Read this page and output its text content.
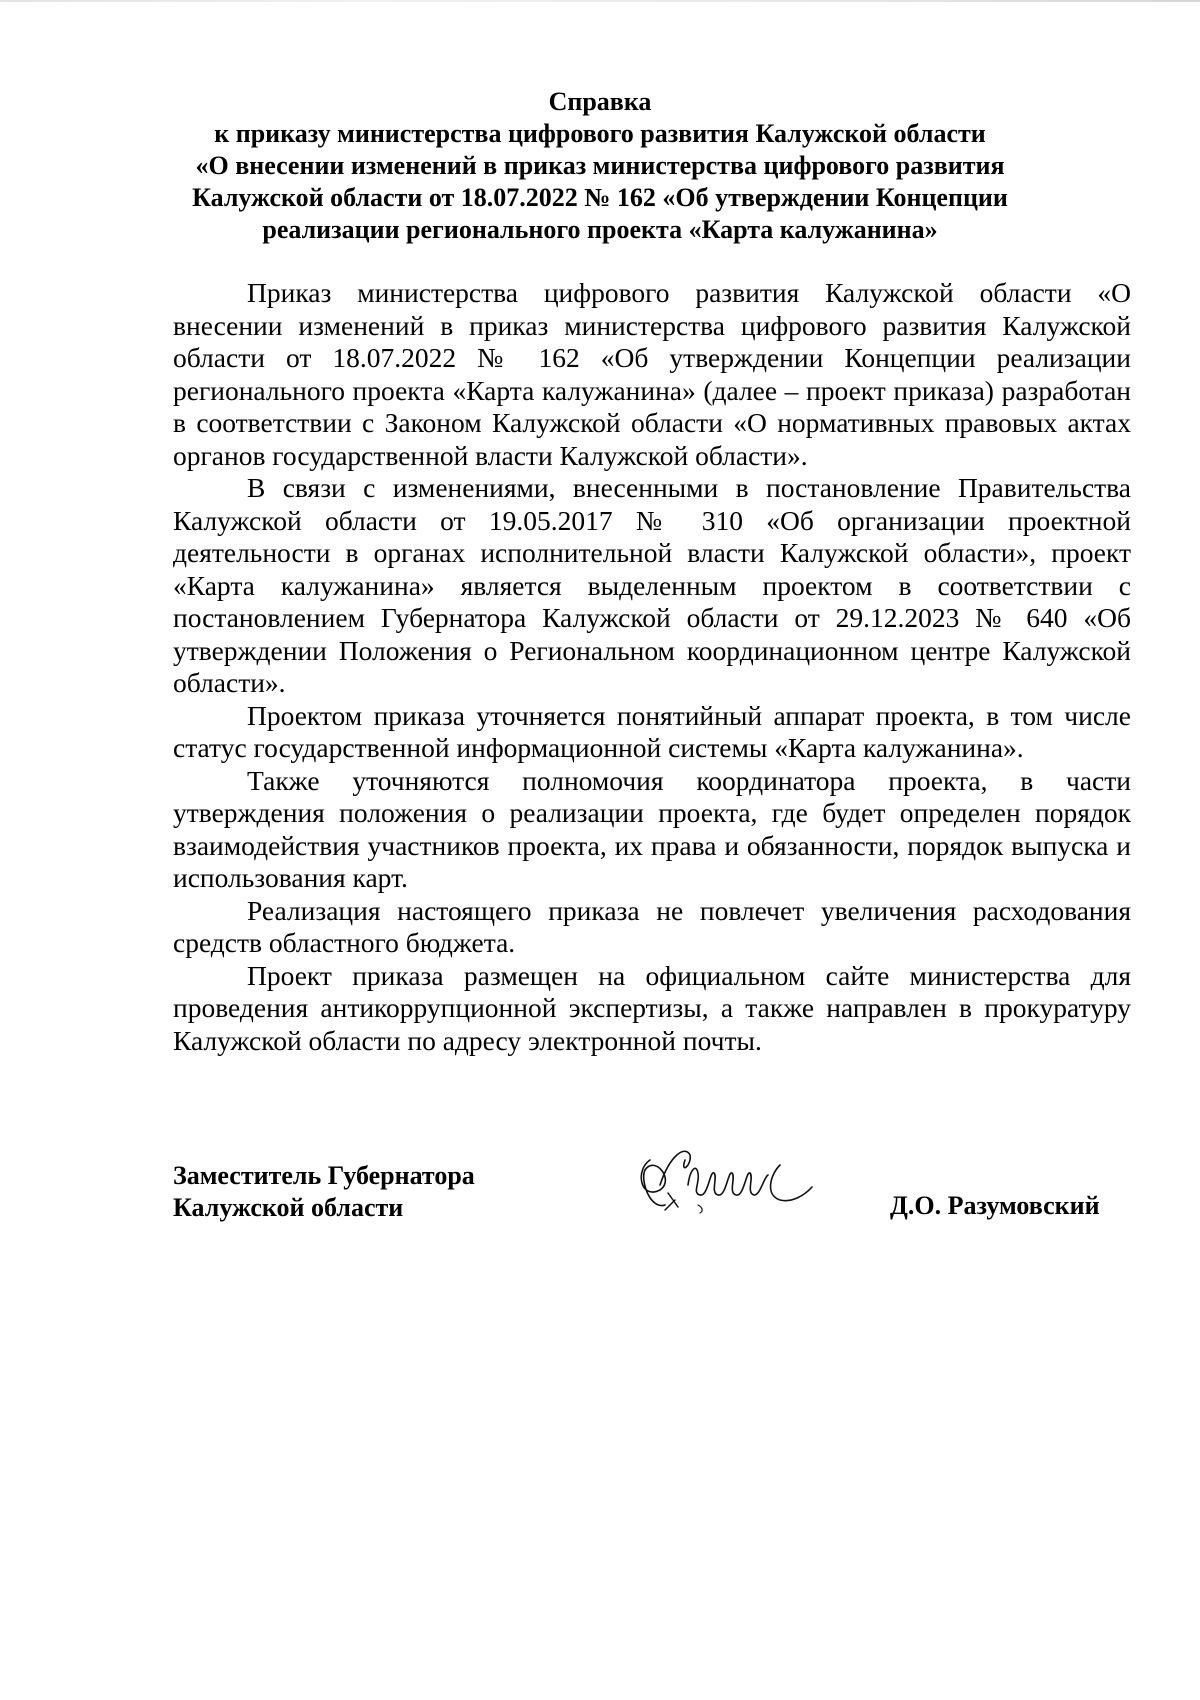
Справка
к приказу министерства цифрового развития Калужской области
«О внесении изменений в приказ министерства цифрового развития
Калужской области от 18.07.2022 № 162 «Об утверждении Концепции
реализации регионального проекта «Карта калужанина»

Приказ министерства цифрового развития Калужской области «О внесении изменений в приказ министерства цифрового развития Калужской области от 18.07.2022 № 162 «Об утверждении Концепции реализации регионального проекта «Карта калужанина» (далее – проект приказа) разработан в соответствии с Законом Калужской области «О нормативных правовых актах органов государственной власти Калужской области».

В связи с изменениями, внесенными в постановление Правительства Калужской области от 19.05.2017 № 310 «Об организации проектной деятельности в органах исполнительной власти Калужской области», проект «Карта калужанина» является выделенным проектом в соответствии с постановлением Губернатора Калужской области от 29.12.2023 № 640 «Об утверждении Положения о Региональном координационном центре Калужской области».

Проектом приказа уточняется понятийный аппарат проекта, в том числе статус государственной информационной системы «Карта калужанина».

Также уточняются полномочия координатора проекта, в части утверждения положения о реализации проекта, где будет определен порядок взаимодействия участников проекта, их права и обязанности, порядок выпуска и использования карт.

Реализация настоящего приказа не повлечет увеличения расходования средств областного бюджета.

Проект приказа размещен на официальном сайте министерства для проведения антикоррупционной экспертизы, а также направлен в прокуратуру Калужской области по адресу электронной почты.

Заместитель Губернатора
Калужской области	Д.О. Разумовский
